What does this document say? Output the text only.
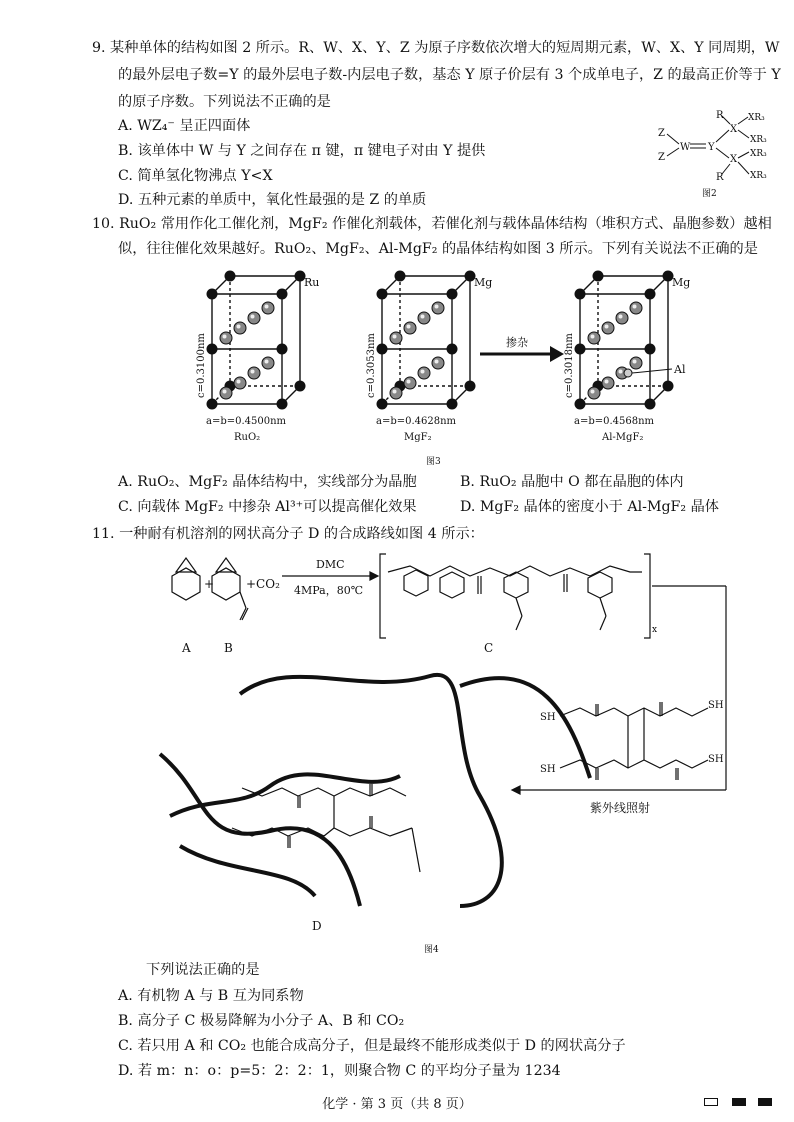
9. 某种单体的结构如图 2 所示。R、W、X、Y、Z 为原子序数依次增大的短周期元素，W、X、Y 同周期，W
的最外层电子数=Y 的最外层电子数-内层电子数，基态 Y 原子价层有 3 个成单电子，Z 的最高正价等于 Y
的原子序数。下列说法不正确的是
A. WZ₄⁻ 呈正四面体
B. 该单体中 W 与 Y 之间存在 π 键，π 键电子对由 Y 提供
C. 简单氢化物沸点 Y<X
D. 五种元素的单质中，氧化性最强的是 Z 的单质
Z
Z
W Y
X
X
R
R
XR₃
XR₃
XR₃
XR₃
图2
10. RuO₂ 常用作化工催化剂，MgF₂ 作催化剂载体，若催化剂与载体晶体结构（堆积方式、晶胞参数）越相
似，往往催化效果越好。RuO₂、MgF₂、Al-MgF₂ 的晶体结构如图 3 所示。下列有关说法不正确的是
Ru
c=0.3100nm
a=b=0.4500nm
RuO₂
Mg
c=0.3053nm
a=b=0.4628nm
MgF₂
Mg
c=0.3018nm
a=b=0.4568nm
Al-MgF₂
Al
掺杂
图3
A. RuO₂、MgF₂ 晶体结构中，实线部分为晶胞	B. RuO₂ 晶胞中 O 都在晶胞的体内
C. 向载体 MgF₂ 中掺杂 Al³⁺可以提高催化效果	D. MgF₂ 晶体的密度小于 Al-MgF₂ 晶体
11. 一种耐有机溶剂的网状高分子 D 的合成路线如图 4 所示：
+	+CO₂
DMC
4MPa，80℃
A	B	C
x
SH
SH
SH
SH
紫外线照射
D
图4
下列说法正确的是
A. 有机物 A 与 B 互为同系物
B. 高分子 C 极易降解为小分子 A、B 和 CO₂
C. 若只用 A 和 CO₂ 也能合成高分子，但是最终不能形成类似于 D 的网状高分子
D. 若 m：n：o：p=5：2：2：1，则聚合物 C 的平均分子量为 1234
化学 · 第 3 页（共 8 页）
